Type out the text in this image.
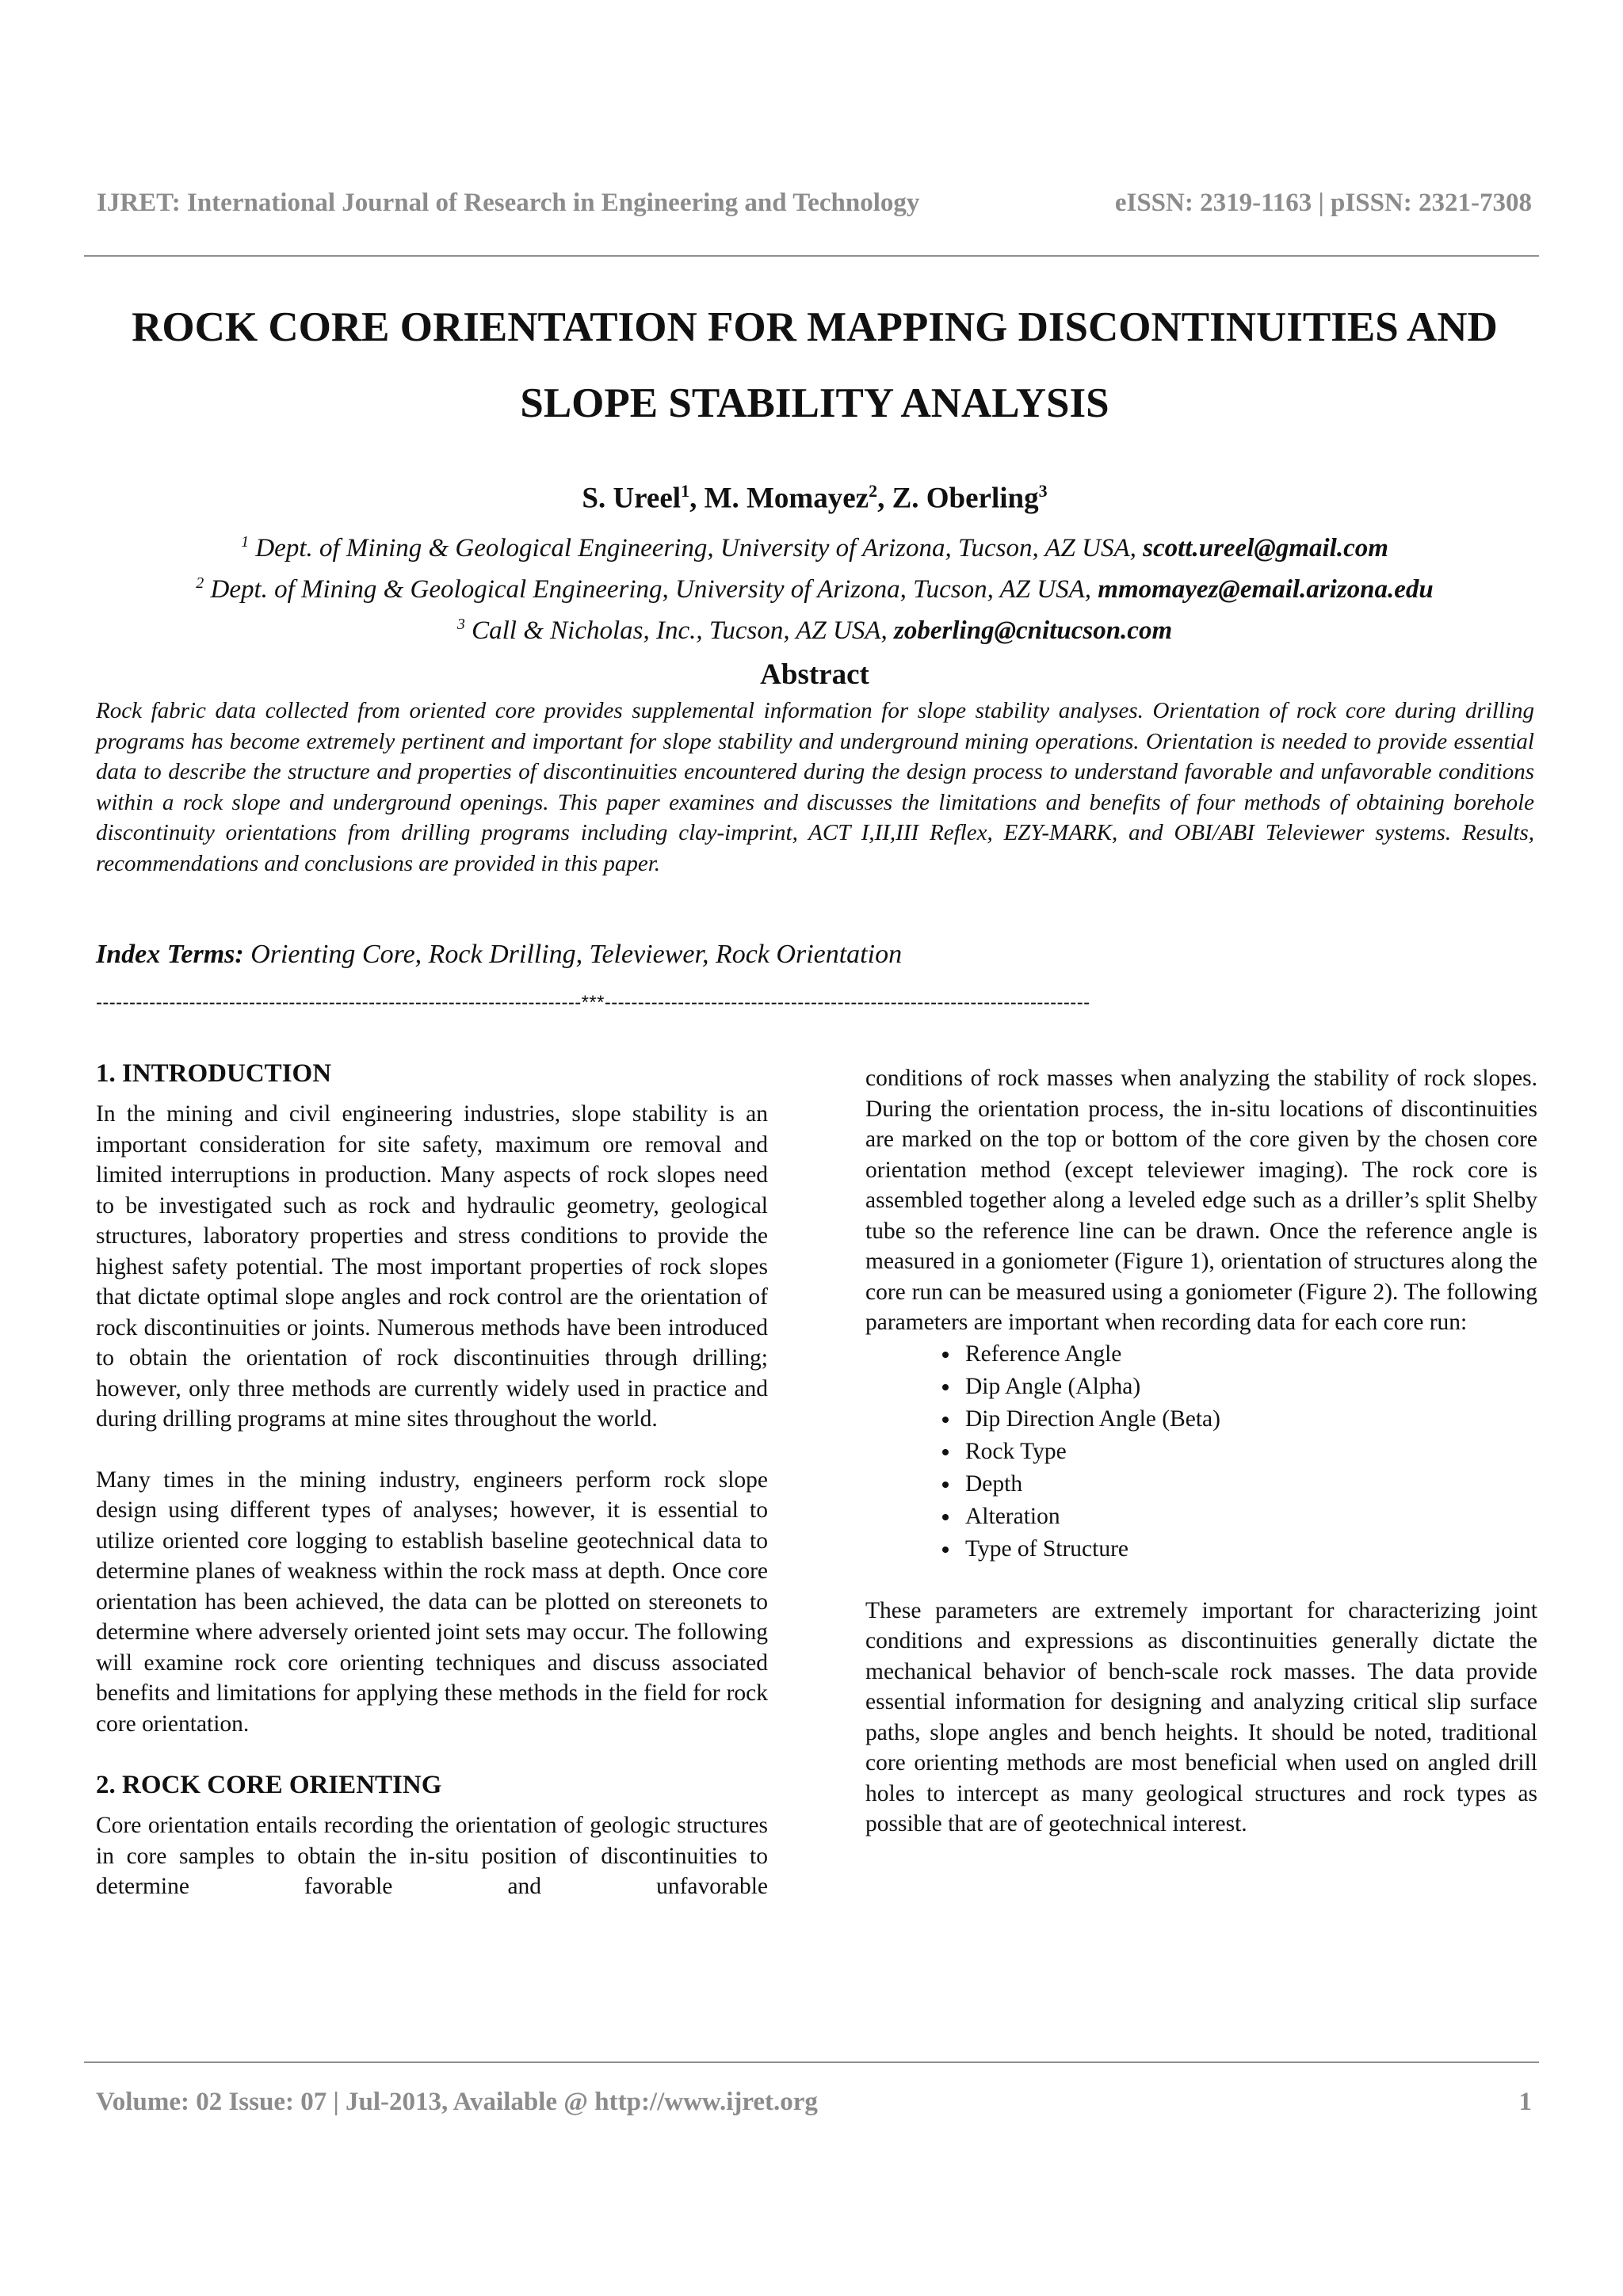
IJRET: International Journal of Research in Engineering and Technology	eISSN: 2319-1163 | pISSN: 2321-7308
ROCK CORE ORIENTATION FOR MAPPING DISCONTINUITIES AND
SLOPE STABILITY ANALYSIS
S. Ureel$^1$, M. Momayez$^2$, Z. Oberling$^3$
$^1$ Dept. of Mining & Geological Engineering, University of Arizona, Tucson, AZ USA, scott.ureel@gmail.com
$^2$ Dept. of Mining & Geological Engineering, University of Arizona, Tucson, AZ USA, mmomayez@email.arizona.edu
$^3$ Call & Nicholas, Inc., Tucson, AZ USA, zoberling@cnitucson.com
Abstract

Rock fabric data collected from oriented core provides supplemental information for slope stability analyses. Orientation of rock core during drilling programs has become extremely pertinent and important for slope stability and underground mining operations. Orientation is needed to provide essential data to describe the structure and properties of discontinuities encountered during the design process to understand favorable and unfavorable conditions within a rock slope and underground openings. This paper examines and discusses the limitations and benefits of four methods of obtaining borehole discontinuity orientations from drilling programs including clay-imprint, ACT I,II,III Reflex, EZY-MARK, and OBI/ABI Televiewer systems. Results, recommendations and conclusions are provided in this paper.

Index Terms: Orienting Core, Rock Drilling, Televiewer, Rock Orientation
-------------------------------------------------------------------------***-------------------------------------------------------------------------
1. INTRODUCTION

In the mining and civil engineering industries, slope stability is an important consideration for site safety, maximum ore removal and limited interruptions in production. Many aspects of rock slopes need to be investigated such as rock and hydraulic geometry, geological structures, laboratory properties and stress conditions to provide the highest safety potential. The most important properties of rock slopes that dictate optimal slope angles and rock control are the orientation of rock discontinuities or joints. Numerous methods have been introduced to obtain the orientation of rock discontinuities through drilling; however, only three methods are currently widely used in practice and during drilling programs at mine sites throughout the world.

Many times in the mining industry, engineers perform rock slope design using different types of analyses; however, it is essential to utilize oriented core logging to establish baseline geotechnical data to determine planes of weakness within the rock mass at depth. Once core orientation has been achieved, the data can be plotted on stereonets to determine where adversely oriented joint sets may occur. The following will examine rock core orienting techniques and discuss associated benefits and limitations for applying these methods in the field for rock core orientation.

2. ROCK CORE ORIENTING

Core orientation entails recording the orientation of geologic structures in core samples to obtain the in-situ position of discontinuities to determine favorable and unfavorable

conditions of rock masses when analyzing the stability of rock slopes. During the orientation process, the in-situ locations of discontinuities are marked on the top or bottom of the core given by the chosen core orientation method (except televiewer imaging). The rock core is assembled together along a leveled edge such as a driller’s split Shelby tube so the reference line can be drawn. Once the reference angle is measured in a goniometer (Figure 1), orientation of structures along the core run can be measured using a goniometer (Figure 2). The following parameters are important when recording data for each core run:

• Reference Angle
• Dip Angle (Alpha)
• Dip Direction Angle (Beta)
• Rock Type
• Depth
• Alteration
• Type of Structure

These parameters are extremely important for characterizing joint conditions and expressions as discontinuities generally dictate the mechanical behavior of bench-scale rock masses. The data provide essential information for designing and analyzing critical slip surface paths, slope angles and bench heights. It should be noted, traditional core orienting methods are most beneficial when used on angled drill holes to intercept as many geological structures and rock types as possible that are of geotechnical interest.

Volume: 02 Issue: 07 | Jul-2013, Available @ http://www.ijret.org	1
